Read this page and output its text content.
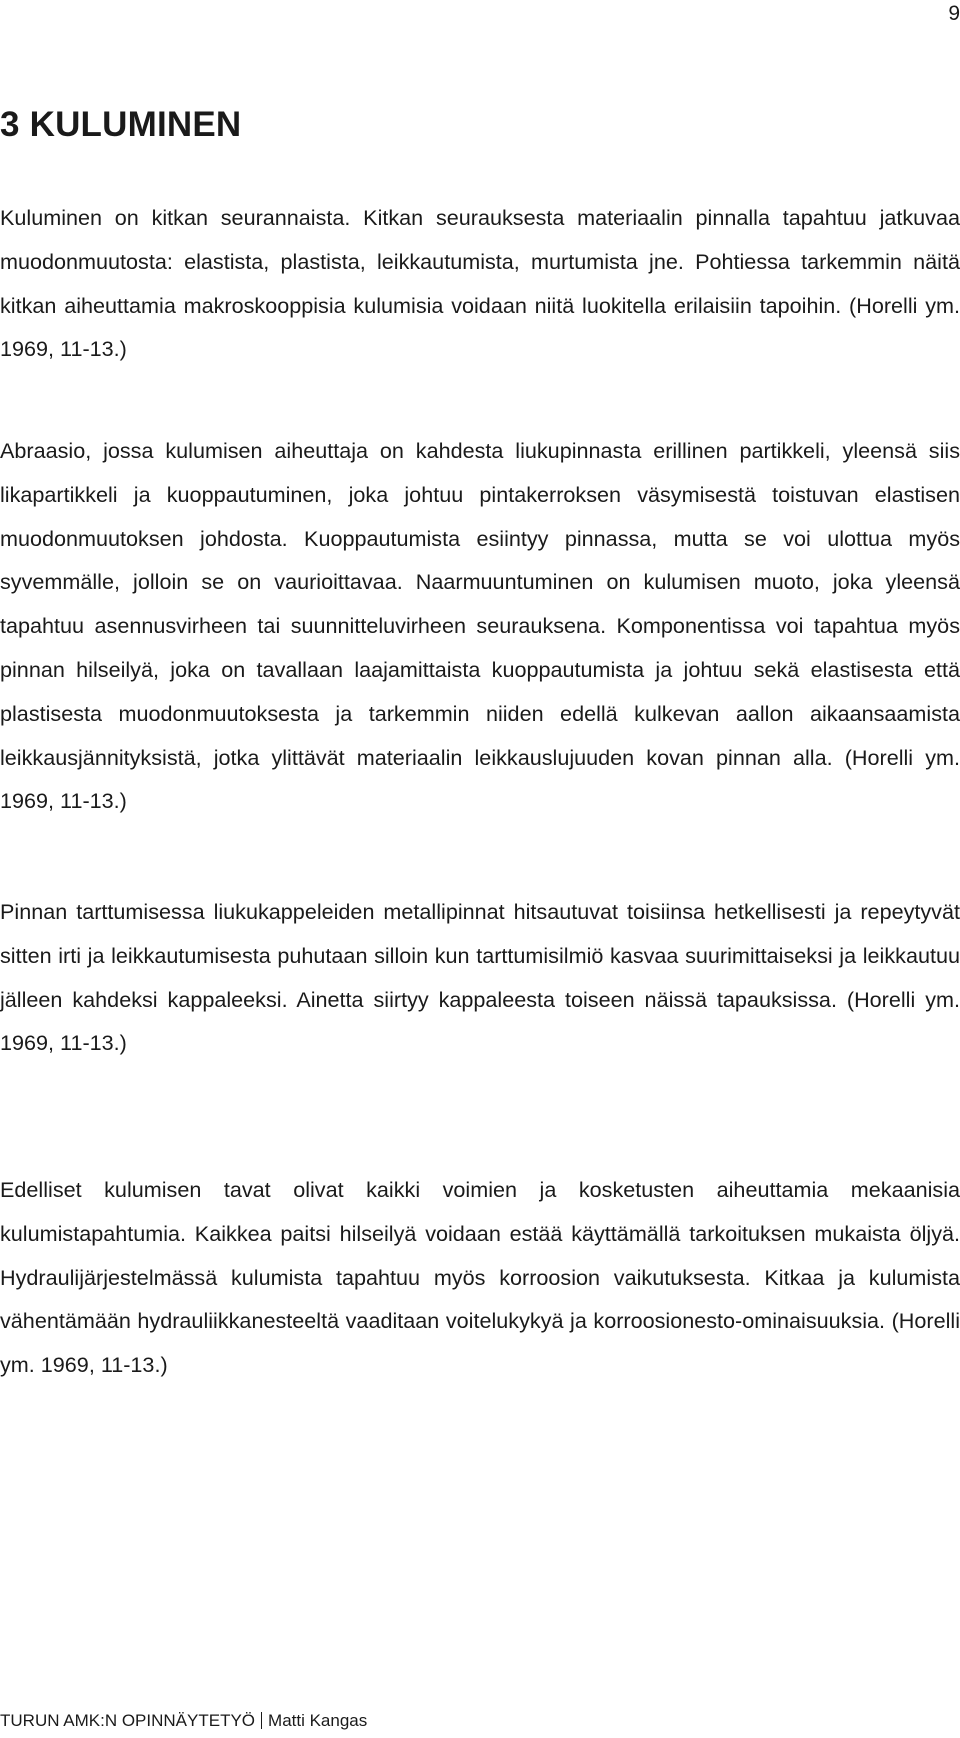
9
3 KULUMINEN

Kuluminen on kitkan seurannaista. Kitkan seurauksesta materiaalin pinnalla tapahtuu jatkuvaa muodonmuutosta: elastista, plastista, leikkautumista, murtumista jne. Pohtiessa tarkemmin näitä kitkan aiheuttamia makroskooppisia kulumisia voidaan niitä luokitella erilaisiin tapoihin. (Horelli ym. 1969, 11-13.)

Abraasio, jossa kulumisen aiheuttaja on kahdesta liukupinnasta erillinen partikkeli, yleensä siis likapartikkeli ja kuoppautuminen, joka johtuu pintakerroksen väsymisestä toistuvan elastisen muodonmuutoksen johdosta. Kuoppautumista esiintyy pinnassa, mutta se voi ulottua myös syvemmälle, jolloin se on vaurioittavaa. Naarmuuntuminen on kulumisen muoto, joka yleensä tapahtuu asennusvirheen tai suunnitteluvirheen seurauksena. Komponentissa voi tapahtua myös pinnan hilseilyä, joka on tavallaan laajamittaista kuoppautumista ja johtuu sekä elastisesta että plastisesta muodonmuutoksesta ja tarkemmin niiden edellä kulkevan aallon aikaansaamista leikkausjännityksistä, jotka ylittävät materiaalin leikkauslujuuden kovan pinnan alla. (Horelli ym. 1969, 11-13.)

Pinnan tarttumisessa liukukappeleiden metallipinnat hitsautuvat toisiinsa hetkellisesti ja repeytyvät sitten irti ja leikkautumisesta puhutaan silloin kun tarttumisilmiö kasvaa suurimittaiseksi ja leikkautuu jälleen kahdeksi kappaleeksi. Ainetta siirtyy kappaleesta toiseen näissä tapauksissa. (Horelli ym. 1969, 11-13.)

Edelliset kulumisen tavat olivat kaikki voimien ja kosketusten aiheuttamia mekaanisia kulumistapahtumia. Kaikkea paitsi hilseilyä voidaan estää käyttämällä tarkoituksen mukaista öljyä. Hydraulijärjestelmässä kulumista tapahtuu myös korroosion vaikutuksesta. Kitkaa ja kulumista vähentämään hydrauliikkanesteeltä vaaditaan voitelukykyä ja korroosionesto-ominaisuuksia. (Horelli ym. 1969, 11-13.)

TURUN AMK:N OPINNÄYTETYÖ Matti Kangas
